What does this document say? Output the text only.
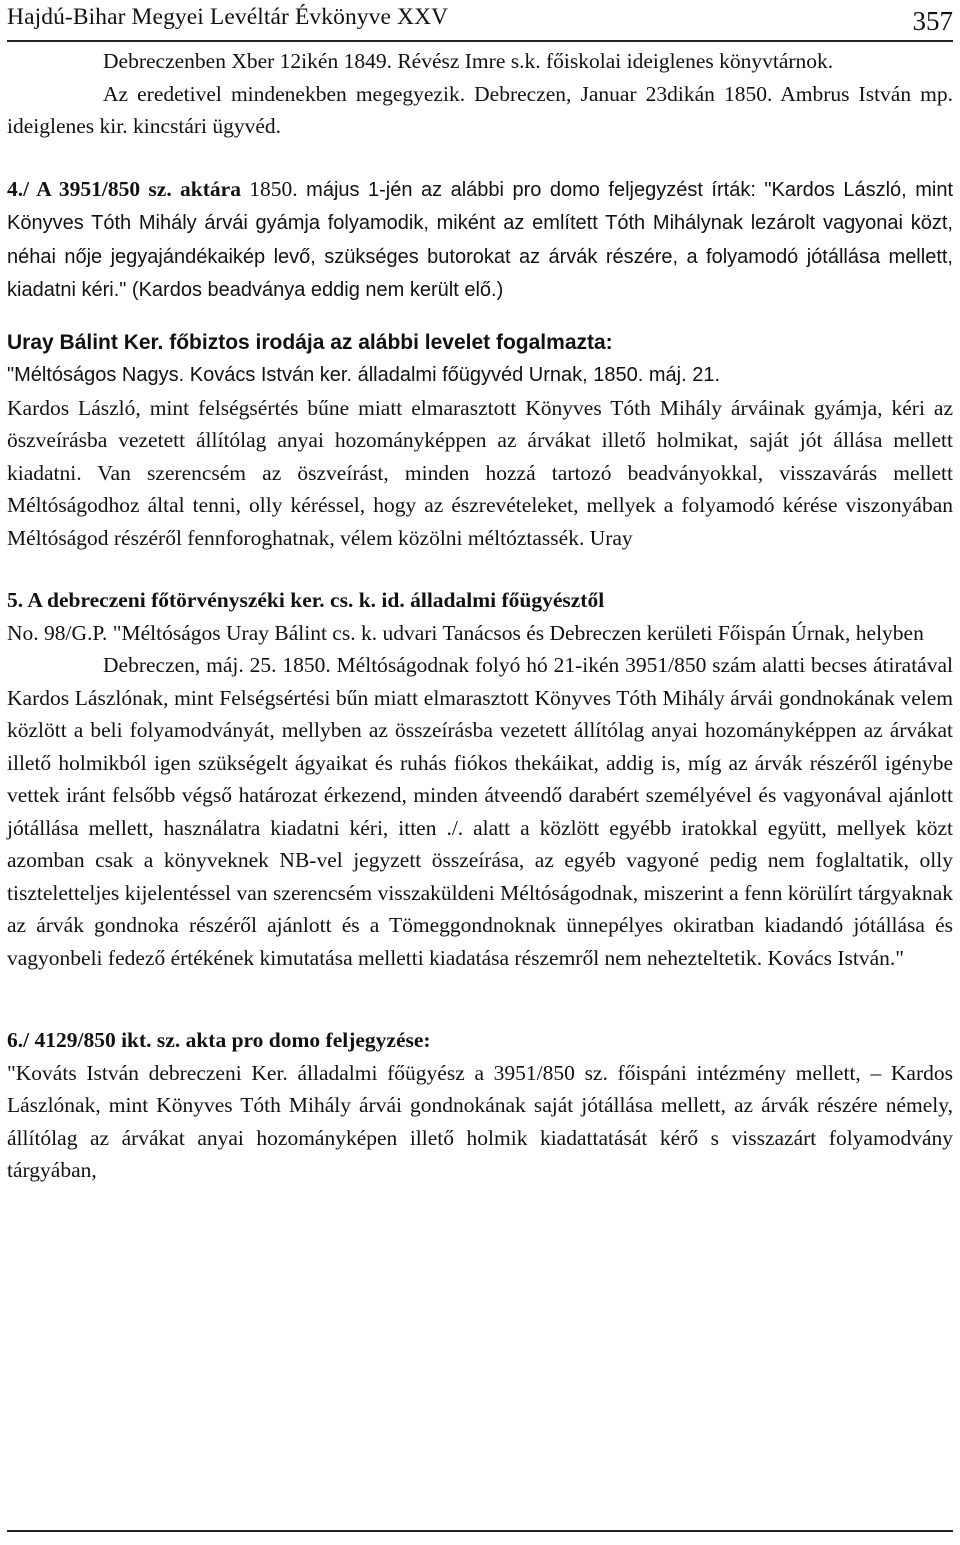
Hajdú-Bihar Megyei Levéltár Évkönyve XXV	357

Debreczenben Xber 12ikén 1849. Révész Imre s.k. főiskolai ideiglenes könyvtárnok.

Az eredetivel mindenekben megegyezik. Debreczen, Januar 23dikán 1850. Ambrus István mp. ideiglenes kir. kincstári ügyvéd.

4./ A 3951/850 sz. aktára 1850. május 1-jén az alábbi pro domo feljegyzést írták: "Kardos László, mint Könyves Tóth Mihály árvái gyámja folyamodik, miként az említett Tóth Mihálynak lezárolt vagyonai közt, néhai nője jegyajándékaikép levő, szükséges butorokat az árvák részére, a folyamodó jótállása mellett, kiadatni kéri." (Kardos beadványa eddig nem került elő.)

Uray Bálint Ker. főbiztos irodája az alábbi levelet fogalmazta:

"Méltóságos Nagys. Kovács István ker. álladalmi főügyvéd Urnak, 1850. máj. 21.

Kardos László, mint felségsértés bűne miatt elmarasztott Könyves Tóth Mihály árváinak gyámja, kéri az öszveírásba vezetett állítólag anyai hozományképpen az árvákat illető holmikat, saját jót állása mellett kiadatni. Van szerencsém az öszveírást, minden hozzá tartozó beadványokkal, visszavárás mellett Méltóságodhoz által tenni, olly kéréssel, hogy az észrevételeket, mellyek a folyamodó kérése viszonyában Méltóságod részéről fennforoghatnak, vélem közölni méltóztassék. Uray

5. A debreczeni főtörvényszéki ker. cs. k. id. álladalmi főügyésztől

No. 98/G.P. "Méltóságos Uray Bálint cs. k. udvari Tanácsos és Debreczen kerületi Főispán Úrnak, helyben

Debreczen, máj. 25. 1850. Méltóságodnak folyó hó 21-ikén 3951/850 szám alatti becses átiratával Kardos Lászlónak, mint Felségsértési bűn miatt elmarasztott Könyves Tóth Mihály árvái gondnokának velem közlött a beli folyamodványát, mellyben az összeírásba vezetett állítólag anyai hozományképpen az árvákat illető holmikból igen szükségelt ágyaikat és ruhás fiókos thekáikat, addig is, míg az árvák részéről igénybe vettek iránt felsőbb végső határozat érkezend, minden átveendő darabért személyével és vagyonával ajánlott jótállása mellett, használatra kiadatni kéri, itten ./. alatt a közlött egyébb iratokkal együtt, mellyek közt azomban csak a könyveknek NB-vel jegyzett összeírása, az egyéb vagyoné pedig nem foglaltatik, olly tiszteletteljes kijelentéssel van szerencsém visszaküldeni Méltóságodnak, miszerint a fenn körülírt tárgyaknak az árvák gondnoka részéről ajánlott és a Tömeggondnoknak ünnepélyes okiratban kiadandó jótállása és vagyonbeli fedező értékének kimutatása melletti kiadatása részemről nem nehezteltetik. Kovács István."

6./ 4129/850 ikt. sz. akta pro domo feljegyzése:

"Kováts István debreczeni Ker. álladalmi főügyész a 3951/850 sz. főispáni intézmény mellett, – Kardos Lászlónak, mint Könyves Tóth Mihály árvái gondnokának saját jótállása mellett, az árvák részére némely, állítólag az árvákat anyai hozományképen illető holmik kiadattatását kérő s visszazárt folyamodvány tárgyában,
